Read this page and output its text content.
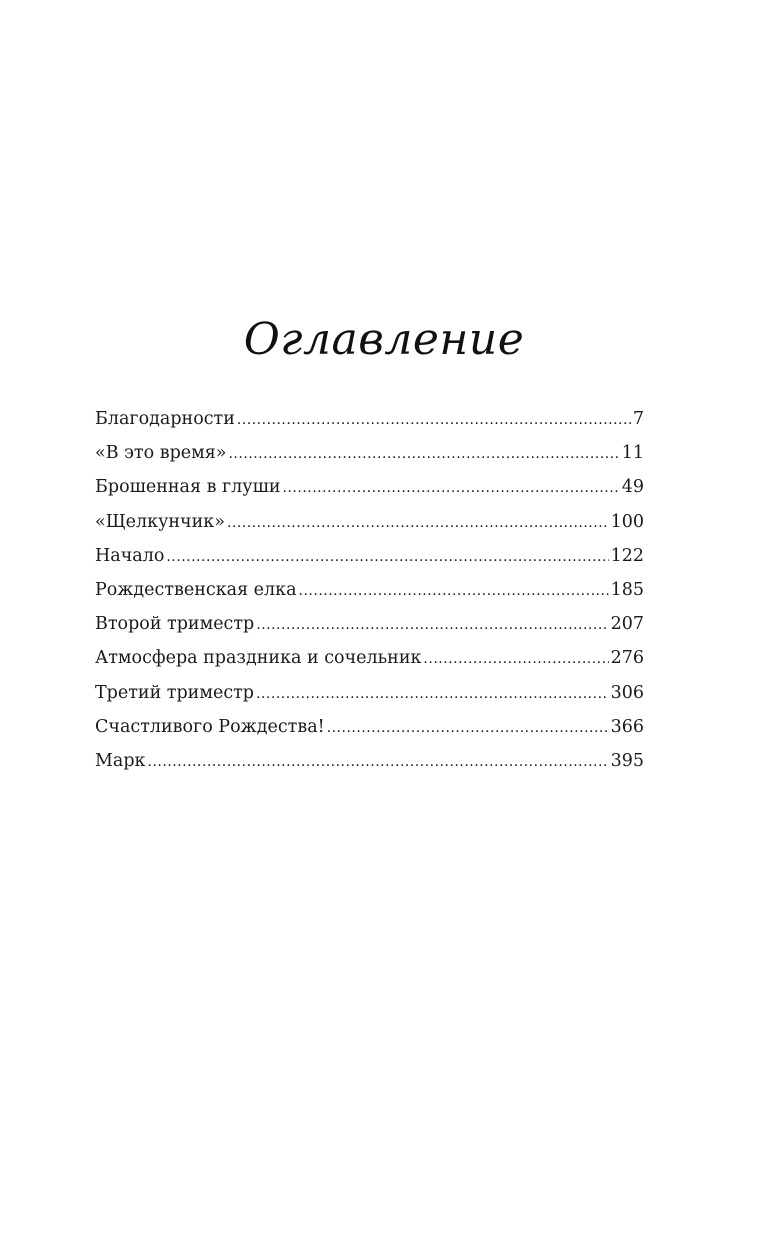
Оглавление
Благодарности .....	7
«В это время» .....	11
Брошенная в глуши .....	49
«Щелкунчик» .....	100
Начало .....	122
Рождественская елка .....	185
Второй триместр .....	207
Атмосфера праздника и сочельник .....	276
Третий триместр .....	306
Счастливого Рождества! .....	366
Марк .....	395
